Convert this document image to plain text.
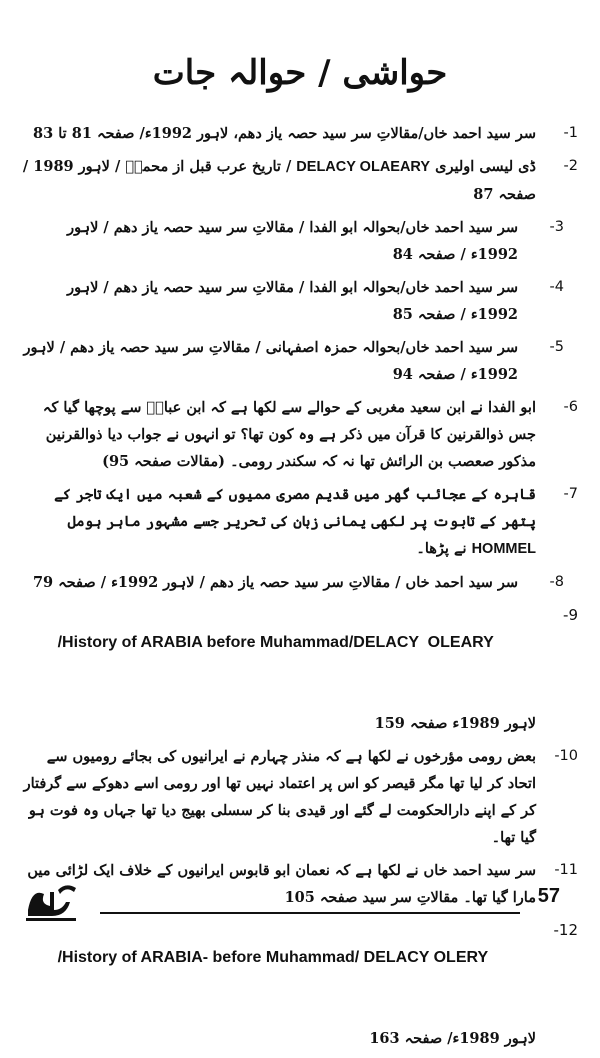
حواشی / حوالہ جات
-1
سر سید احمد خاں/مقالاتِ سر سید حصہ یاز دھم، لاہور 1992ء/ صفحہ 81 تا 83
-2
ڈی لیسی اولیری DELACY OLAEARY / تاریخ عرب قبل از محمدؐ / لاہور 1989 / صفحہ 87
-3
سر سید احمد خاں/بحوالہ ابو الفدا / مقالاتِ سر سید حصہ یاز دھم / لاہور 1992ء / صفحہ 84
-4
سر سید احمد خاں/بحوالہ ابو الفدا / مقالاتِ سر سید حصہ یاز دھم / لاہور 1992ء / صفحہ 85
-5
سر سید احمد خاں/بحوالہ حمزہ اصفہانی / مقالاتِ سر سید حصہ یاز دھم / لاہور 1992ء / صفحہ 94
-6
ابو الفدا نے ابن سعید مغربی کے حوالے سے لکھا ہے کہ ابن عباسؓ سے پوچھا گیا کہ جس ذوالقرنین کا قرآن میں ذکر ہے وہ کون تھا؟ تو انہوں نے جواب دیا ذوالقرنین مذکور صعصب بن الرائش تھا نہ کہ سکندر رومی۔ (مقالات صفحہ 95)
-7
قاہرہ کے عجائب گھر میں قدیم مصری ممیوں کے شعبہ میں ایک تاجر کے پتھر کے تابوت پر لکھی یمانی زبان کی تحریر جسے مشہور ماہر ہومل HOMMEL نے پڑھا۔
-8
سر سید احمد خاں / مقالاتِ سر سید حصہ یاز دھم / لاہور 1992ء / صفحہ 79

/History of ARABIA before Muhammad/DELACY  OLEARY

-9

لاہور 1989ء صفحہ 159
-10
بعض رومی مؤرخوں نے لکھا ہے کہ منذر چہارم نے ایرانیوں کی بجائے رومیوں سے اتحاد کر لیا تھا مگر قیصر کو اس پر اعتماد نہیں تھا اور رومی اسے دھوکے سے گرفتار کر کے اپنے دارالحکومت لے گئے اور قیدی بنا کر سسلی بھیج دیا تھا جہاں وہ فوت ہو گیا تھا۔
-11
سر سید احمد خاں نے لکھا ہے کہ نعمان ابو قابوس ایرانیوں کے خلاف ایک لڑائی میں مارا گیا تھا۔ مقالاتِ سر سید صفحہ 105

/History of ARABIA- before Muhammad/ DELACY OLERY

-12

لاہور 1989ء/ صفحہ 163
57
